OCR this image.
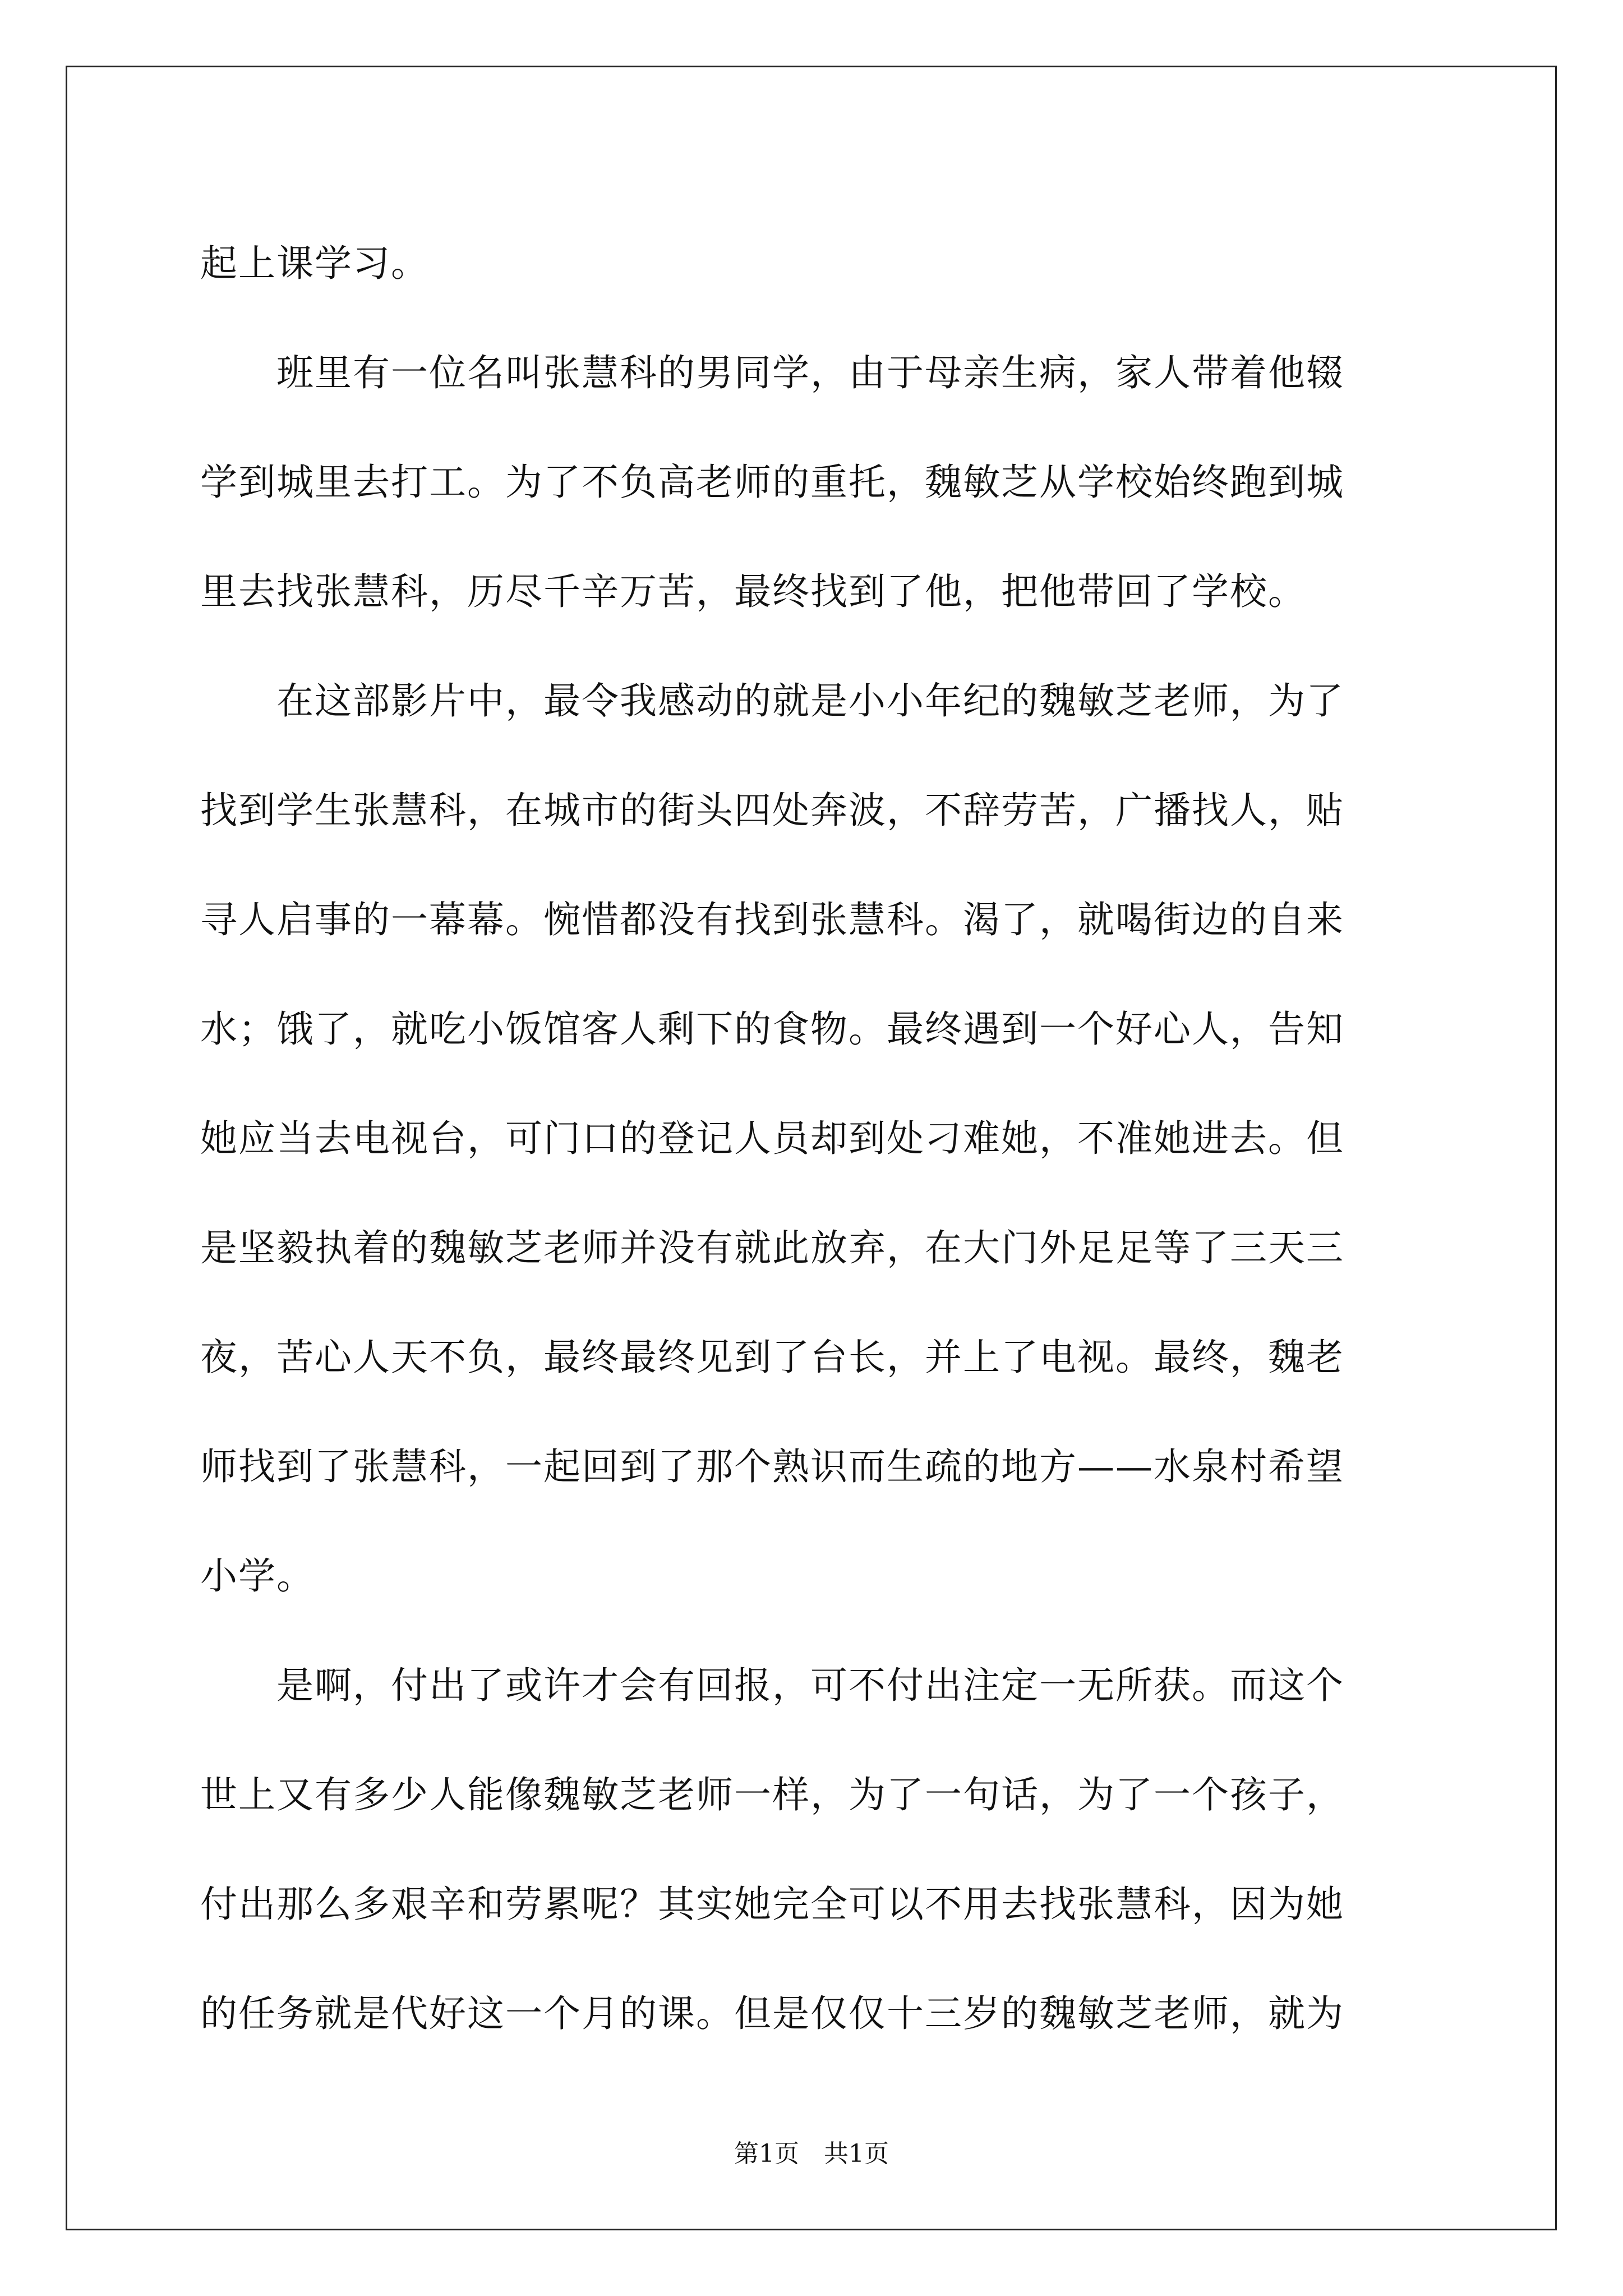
起上课学习。
　　班里有一位名叫张慧科的男同学，由于母亲生病，家人带着他辍
学到城里去打工。为了不负高老师的重托，魏敏芝从学校始终跑到城
里去找张慧科，历尽千辛万苦，最终找到了他，把他带回了学校。
　　在这部影片中，最令我感动的就是小小年纪的魏敏芝老师，为了
找到学生张慧科，在城市的街头四处奔波，不辞劳苦，广播找人，贴
寻人启事的一幕幕。惋惜都没有找到张慧科。渴了，就喝街边的自来
水；饿了，就吃小饭馆客人剩下的食物。最终遇到一个好心人，告知
她应当去电视台，可门口的登记人员却到处刁难她，不准她进去。但
是坚毅执着的魏敏芝老师并没有就此放弃，在大门外足足等了三天三
夜，苦心人天不负，最终最终见到了台长，并上了电视。最终，魏老
师找到了张慧科，一起回到了那个熟识而生疏的地方——水泉村希望
小学。
　　是啊，付出了或许才会有回报，可不付出注定一无所获。而这个
世上又有多少人能像魏敏芝老师一样，为了一句话，为了一个孩子，
付出那么多艰辛和劳累呢？其实她完全可以不用去找张慧科，因为她
的任务就是代好这一个月的课。但是仅仅十三岁的魏敏芝老师，就为
第1页　共1页
